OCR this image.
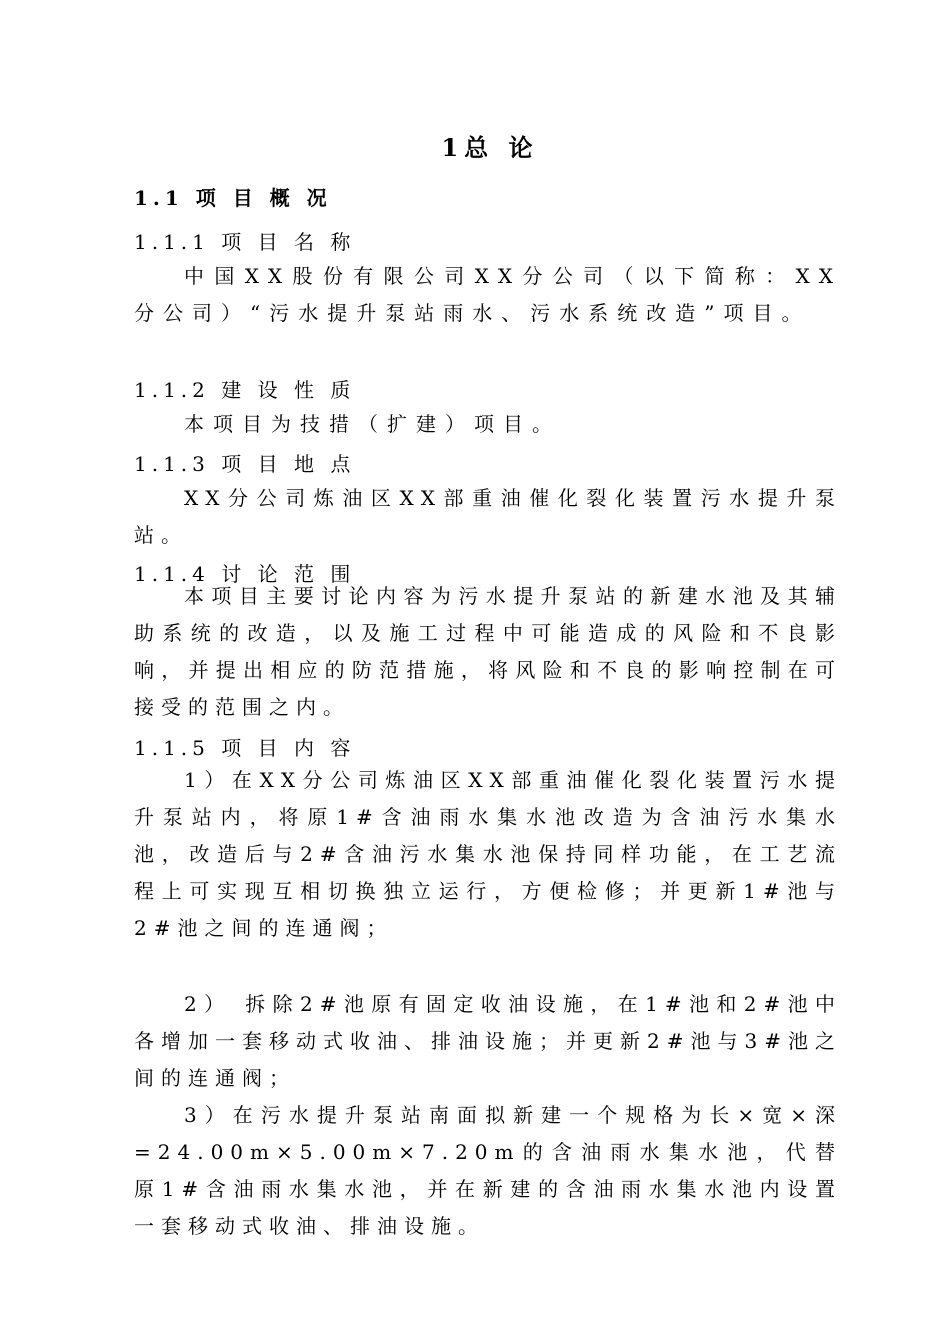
1总 论
1.1 项 目 概 况
1.1.1 项 目 名 称

中国XX股份有限公司XX分公司（以下简称：XX分公司）“污水提升泵站雨水、污水系统改造”项目。

1.1.2 建 设 性 质

本项目为技措（扩建）项目。

1.1.3 项 目 地 点

XX分公司炼油区XX部重油催化裂化装置污水提升泵站。

1.1.4 讨 论 范 围

本项目主要讨论内容为污水提升泵站的新建水池及其辅助系统的改造，以及施工过程中可能造成的风险和不良影响，并提出相应的防范措施，将风险和不良的影响控制在可接受的范围之内。

1.1.5 项 目 内 容

1）在XX分公司炼油区XX部重油催化裂化装置污水提升泵站内，将原1#含油雨水集水池改造为含油污水集水池，改造后与2#含油污水集水池保持同样功能，在工艺流程上可实现互相切换独立运行，方便检修；并更新1#池与2#池之间的连通阀；

2） 拆除2#池原有固定收油设施，在1#池和2#池中各增加一套移动式收油、排油设施；并更新2#池与3#池之间的连通阀；

3）在污水提升泵站南面拟新建一个规格为长×宽×深=24.00m×5.00m×7.20m的含油雨水集水池，代替原1#含油雨水集水池，并在新建的含油雨水集水池内设置一套移动式收油、排油设施。
